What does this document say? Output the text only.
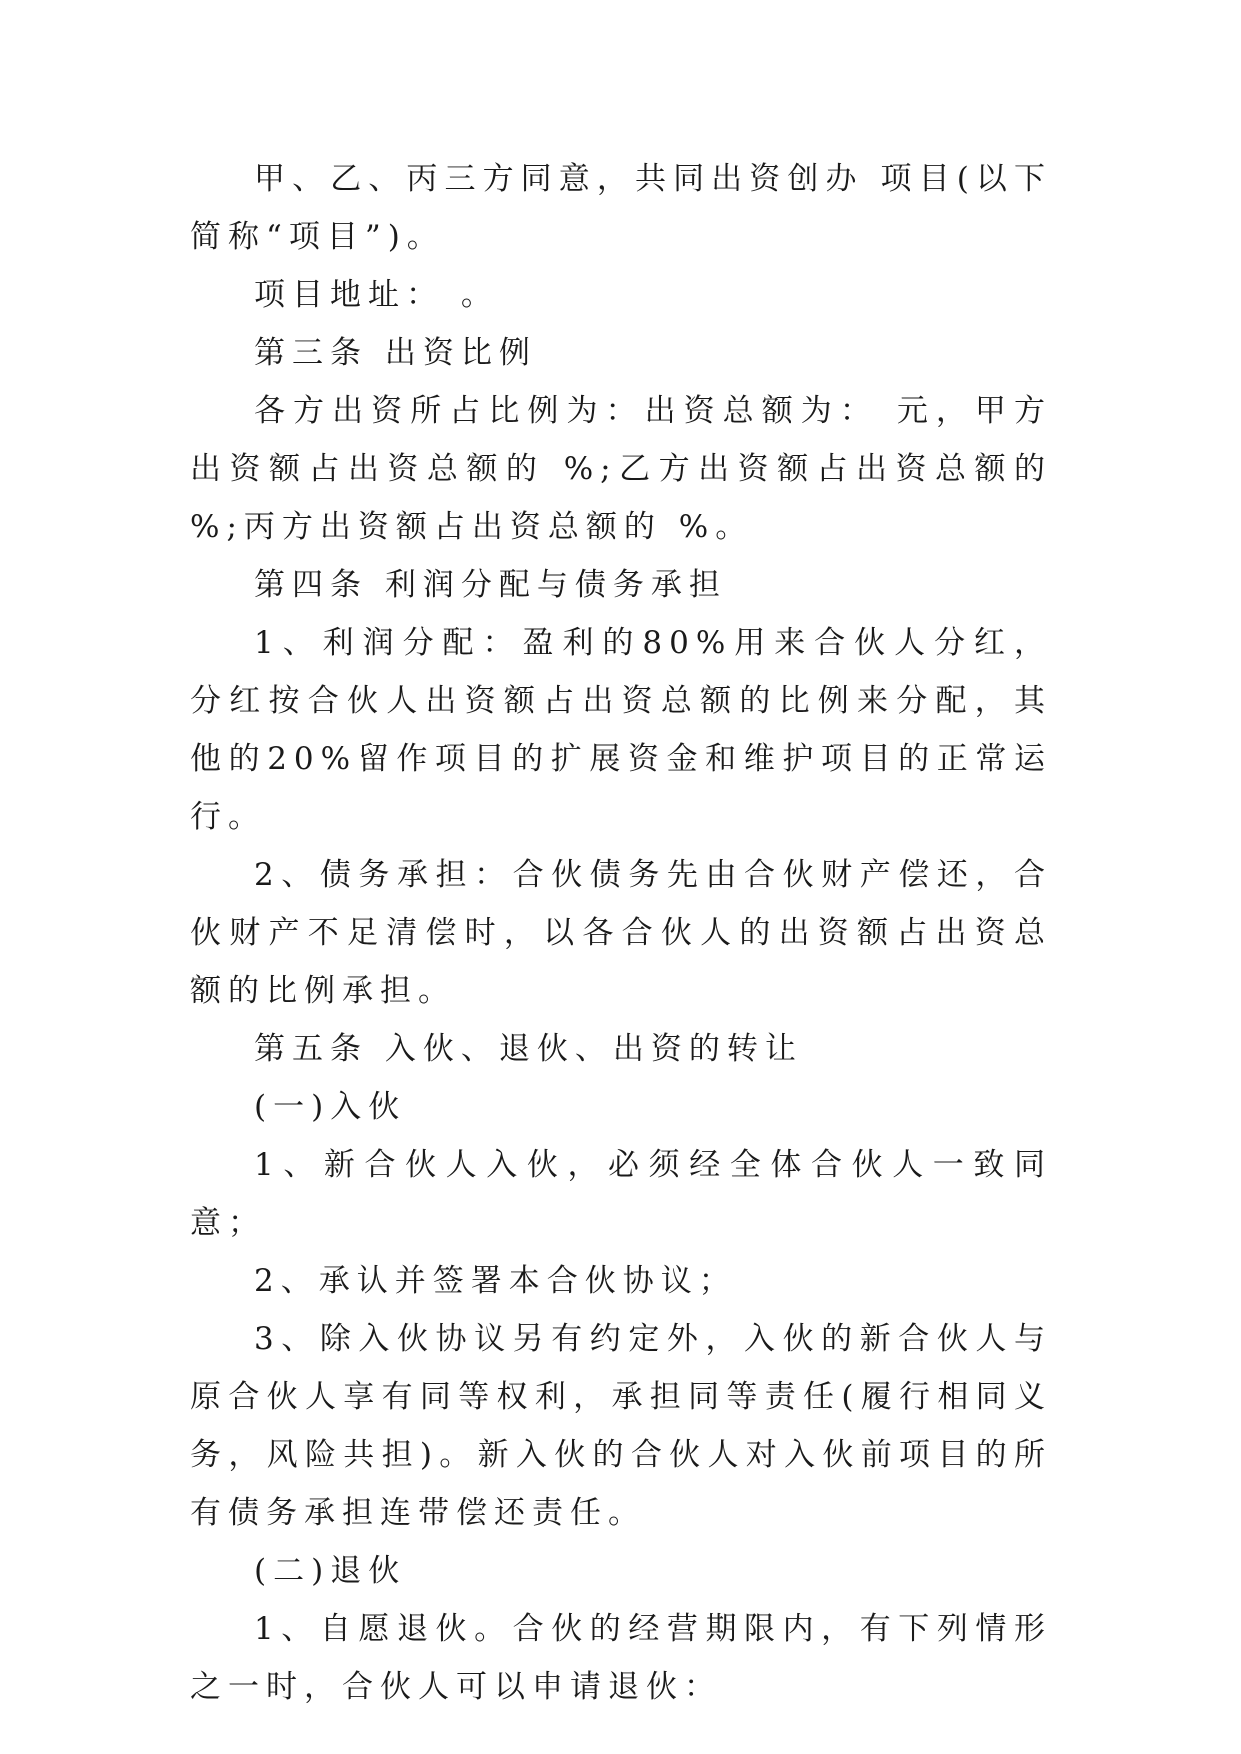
甲、乙、丙三方同意，共同出资创办 项目(以下简称“项目”)。

项目地址： 。

第三条 出资比例

各方出资所占比例为：出资总额为： 元，甲方出资额占出资总额的 %;乙方出资额占出资总额的 %;丙方出资额占出资总额的 %。

第四条 利润分配与债务承担

1、利润分配：盈利的80%用来合伙人分红，分红按合伙人出资额占出资总额的比例来分配，其他的20%留作项目的扩展资金和维护项目的正常运行。

2、债务承担：合伙债务先由合伙财产偿还，合伙财产不足清偿时，以各合伙人的出资额占出资总额的比例承担。

第五条 入伙、退伙、出资的转让

(一)入伙

1、新合伙人入伙，必须经全体合伙人一致同意；

2、承认并签署本合伙协议；

3、除入伙协议另有约定外，入伙的新合伙人与原合伙人享有同等权利，承担同等责任(履行相同义务，风险共担)。新入伙的合伙人对入伙前项目的所有债务承担连带偿还责任。

(二)退伙

1、自愿退伙。合伙的经营期限内，有下列情形之一时，合伙人可以申请退伙：
